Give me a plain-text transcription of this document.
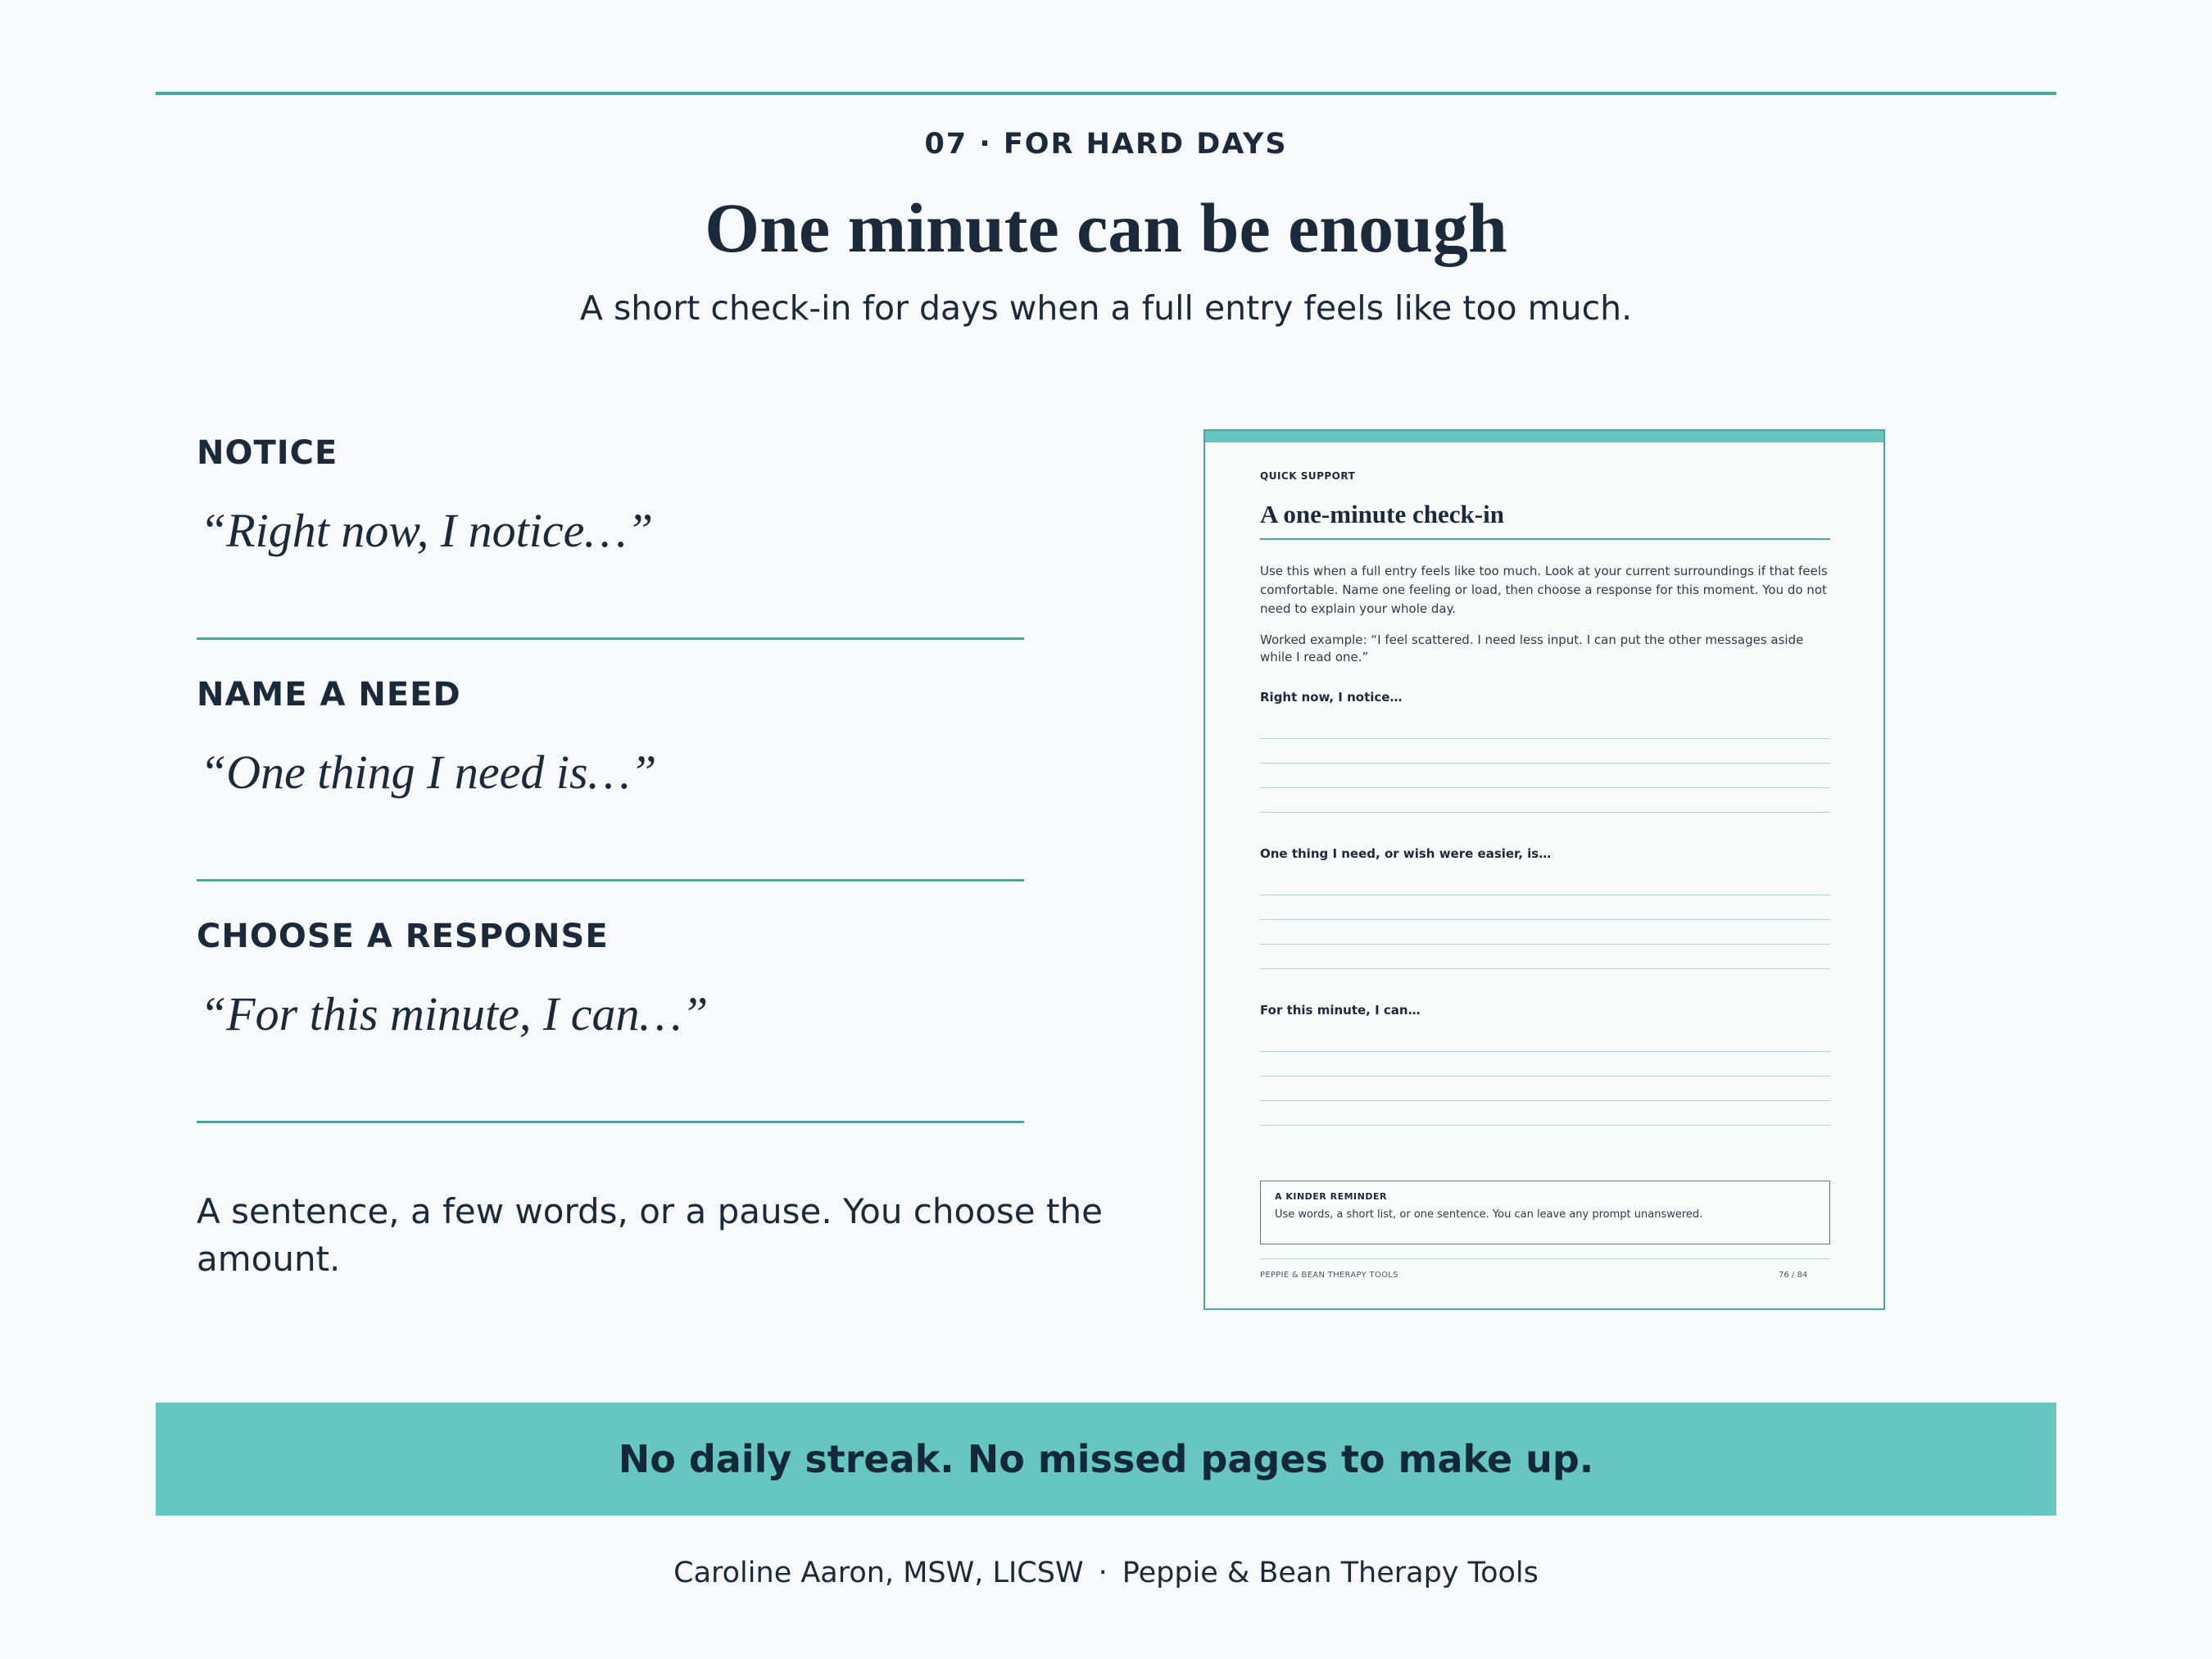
07 · FOR HARD DAYS
One minute can be enough
A short check-in for days when a full entry feels like too much.
NOTICE
“Right now, I notice…”
NAME A NEED
“One thing I need is…”
CHOOSE A RESPONSE
“For this minute, I can…”

A sentence, a few words, or a pause. You choose the amount.

QUICK SUPPORT
A one-minute check-in
Use this when a full entry feels like too much. Look at your current surroundings if that feels comfortable. Name one feeling or load, then choose a response for this moment. You do not need to explain your whole day.
Worked example: “I feel scattered. I need less input. I can put the other messages aside while I read one.”
Right now, I notice…
One thing I need, or wish were easier, is…
For this minute, I can…
A KINDER REMINDER
Use words, a short list, or one sentence. You can leave any prompt unanswered.
PEPPIE & BEAN THERAPY TOOLS	76 / 84
No daily streak. No missed pages to make up.
Caroline Aaron, MSW, LICSW · Peppie & Bean Therapy Tools
